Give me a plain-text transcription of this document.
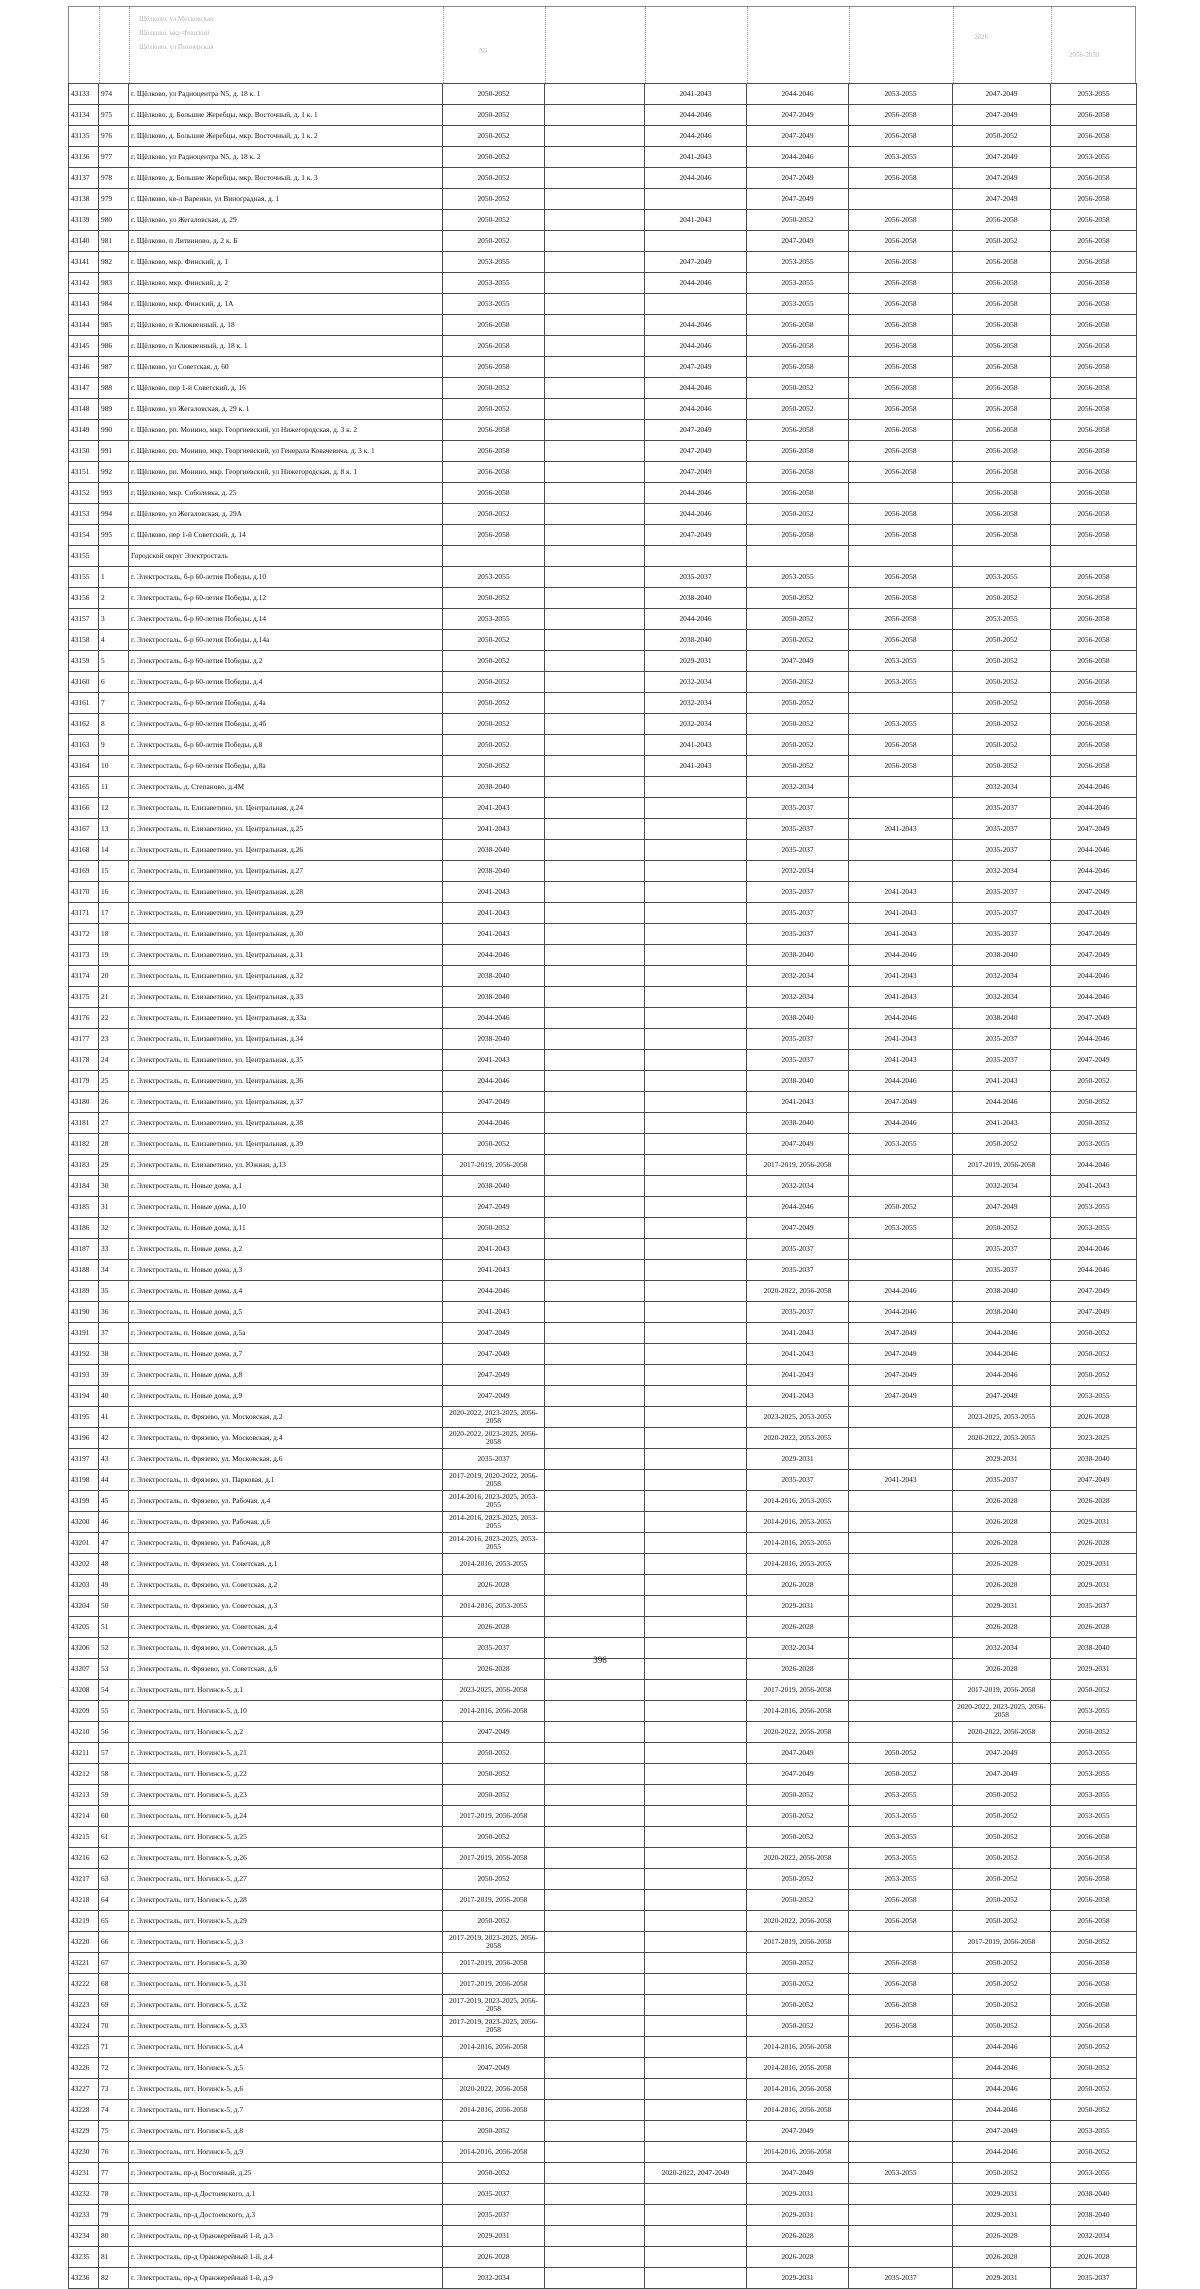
Щёлково, ул Московская
Щёлково, мкр Финский
Щёлково, ул Пионерская	N5
2026
2056-2058
43133	974	г. Щёлково, ул Радиоцентра N5, д. 18 к. 1	2050-2052		2041-2043	2044-2046	2053-2055	2047-2049	2053-2055
43134	975	г. Щёлково, д. Большие Жеребцы, мкр. Восточный, д. 1 к. 1	2050-2052		2044-2046	2047-2049	2056-2058	2047-2049	2056-2058
43135	976	г. Щёлково, д. Большие Жеребцы, мкр. Восточный, д. 1 к. 2	2050-2052		2044-2046	2047-2049	2056-2058	2050-2052	2056-2058
43136	977	г. Щёлково, ул Радиоцентра N5, д. 18 к. 2	2050-2052		2041-2043	2044-2046	2053-2055	2047-2049	2053-2055
43137	978	г. Щёлково, д. Большие Жеребцы, мкр. Восточный, д. 1 к. 3	2050-2052		2044-2046	2047-2049	2056-2058	2047-2049	2056-2058
43138	979	г. Щёлково, кв-л Варенки, ул Виноградная, д. 1	2050-2052			2047-2049		2047-2049	2056-2058
43139	980	г. Щёлково, ул Жегаловская, д. 29	2050-2052		2041-2043	2050-2052	2056-2058	2056-2058	2056-2058
43140	981	г. Щёлково, п Литвиново, д. 2 к. Б	2050-2052			2047-2049	2056-2058	2050-2052	2056-2058
43141	982	г. Щёлково, мкр. Финский, д. 1	2053-2055		2047-2049	2053-2055	2056-2058	2056-2058	2056-2058
43142	983	г. Щёлково, мкр. Финский, д. 2	2053-2055		2044-2046	2053-2055	2056-2058	2056-2058	2056-2058
43143	984	г. Щёлково, мкр. Финский, д. 1А	2053-2055			2053-2055	2056-2058	2056-2058	2056-2058
43144	985	г. Щёлково, п Клюквенный, д. 18	2056-2058		2044-2046	2056-2058	2056-2058	2056-2058	2056-2058
43145	986	г. Щёлково, п Клюквенный, д. 18 к. 1	2056-2058		2044-2046	2056-2058	2056-2058	2056-2058	2056-2058
43146	987	г. Щёлково, ул Советская, д. 60	2056-2058		2047-2049	2056-2058	2056-2058	2056-2058	2056-2058
43147	988	г. Щёлково, пер 1-й Советский, д. 16	2050-2052		2044-2046	2050-2052	2056-2058	2056-2058	2056-2058
43148	989	г. Щёлково, ул Жегаловская, д. 29 к. 1	2050-2052		2044-2046	2050-2052	2056-2058	2056-2058	2056-2058
43149	990	г. Щёлково, рп. Монино, мкр. Георгиевский, ул Нижегородская, д. 3 к. 2	2056-2058		2047-2049	2056-2058	2056-2058	2056-2058	2056-2058
43150	991	г. Щёлково, рп. Монино, мкр. Георгиевский, ул Генерала Ковачевича, д. 3 к. 1	2056-2058		2047-2049	2056-2058	2056-2058	2056-2058	2056-2058
43151	992	г. Щёлково, рп. Монино, мкр. Георгиевский, ул Нижегородская, д. 8 к. 1	2056-2058		2047-2049	2056-2058	2056-2058	2056-2058	2056-2058
43152	993	г. Щёлково, мкр. Соболевка, д. 25	2056-2058		2044-2046	2056-2058		2056-2058	2056-2058
43153	994	г. Щёлково, ул Жегаловская, д. 29А	2050-2052		2044-2046	2050-2052	2056-2058	2056-2058	2056-2058
43154	995	г. Щёлково, пер 1-й Советский, д. 14	2056-2058		2047-2049	2056-2058	2056-2058	2056-2058	2056-2058
43155		Городской округ Электросталь							
43155	1	г. Электросталь, б-р 60-летия Победы, д.10	2053-2055		2035-2037	2053-2055	2056-2058	2053-2055	2056-2058
43156	2	г. Электросталь, б-р 60-летия Победы, д.12	2050-2052		2038-2040	2050-2052	2056-2058	2050-2052	2056-2058
43157	3	г. Электросталь, б-р 60-летия Победы, д.14	2053-2055		2044-2046	2050-2052	2056-2058	2053-2055	2056-2058
43158	4	г. Электросталь, б-р 60-летия Победы, д.14а	2050-2052		2038-2040	2050-2052	2056-2058	2050-2052	2056-2058
43159	5	г. Электросталь, б-р 60-летия Победы, д.2	2050-2052		2029-2031	2047-2049	2053-2055	2050-2052	2056-2058
43160	6	г. Электросталь, б-р 60-летия Победы, д.4	2050-2052		2032-2034	2050-2052	2053-2055	2050-2052	2056-2058
43161	7	г. Электросталь, б-р 60-летия Победы, д.4а	2050-2052		2032-2034	2050-2052		2050-2052	2056-2058
43162	8	г. Электросталь, б-р 60-летия Победы, д.4б	2050-2052		2032-2034	2050-2052	2053-2055	2050-2052	2056-2058
43163	9	г. Электросталь, б-р 60-летия Победы, д.8	2050-2052		2041-2043	2050-2052	2056-2058	2050-2052	2056-2058
43164	10	г. Электросталь, б-р 60-летия Победы, д.8а	2050-2052		2041-2043	2050-2052	2056-2058	2050-2052	2056-2058
43165	11	г. Электросталь, д. Степаново, д.4М	2038-2040			2032-2034		2032-2034	2044-2046
43166	12	г. Электросталь, п. Елизаветино, ул. Центральная, д.24	2041-2043			2035-2037		2035-2037	2044-2046
43167	13	г. Электросталь, п. Елизаветино, ул. Центральная, д.25	2041-2043			2035-2037	2041-2043	2035-2037	2047-2049
43168	14	г. Электросталь, п. Елизаветино, ул. Центральная, д.26	2038-2040			2035-2037		2035-2037	2044-2046
43169	15	г. Электросталь, п. Елизаветино, ул. Центральная, д.27	2038-2040			2032-2034		2032-2034	2044-2046
43170	16	г. Электросталь, п. Елизаветино, ул. Центральная, д.28	2041-2043			2035-2037	2041-2043	2035-2037	2047-2049
43171	17	г. Электросталь, п. Елизаветино, ул. Центральная, д.29	2041-2043			2035-2037	2041-2043	2035-2037	2047-2049
43172	18	г. Электросталь, п. Елизаветино, ул. Центральная, д.30	2041-2043			2035-2037	2041-2043	2035-2037	2047-2049
43173	19	г. Электросталь, п. Елизаветино, ул. Центральная, д.31	2044-2046			2038-2040	2044-2046	2038-2040	2047-2049
43174	20	г. Электросталь, п. Елизаветино, ул. Центральная, д.32	2038-2040			2032-2034	2041-2043	2032-2034	2044-2046
43175	21	г. Электросталь, п. Елизаветино, ул. Центральная, д.33	2038-2040			2032-2034	2041-2043	2032-2034	2044-2046
43176	22	г. Электросталь, п. Елизаветино, ул. Центральная, д.33а	2044-2046			2038-2040	2044-2046	2038-2040	2047-2049
43177	23	г. Электросталь, п. Елизаветино, ул. Центральная, д.34	2038-2040			2035-2037	2041-2043	2035-2037	2044-2046
43178	24	г. Электросталь, п. Елизаветино, ул. Центральная, д.35	2041-2043			2035-2037	2041-2043	2035-2037	2047-2049
43179	25	г. Электросталь, п. Елизаветино, ул. Центральная, д.36	2044-2046			2038-2040	2044-2046	2041-2043	2050-2052
43180	26	г. Электросталь, п. Елизаветино, ул. Центральная, д.37	2047-2049			2041-2043	2047-2049	2044-2046	2050-2052
43181	27	г. Электросталь, п. Елизаветино, ул. Центральная, д.38	2044-2046			2038-2040	2044-2046	2041-2043	2050-2052
43182	28	г. Электросталь, п. Елизаветино, ул. Центральная, д.39	2050-2052			2047-2049	2053-2055	2050-2052	2053-2055
43183	29	г. Электросталь, п. Елизаветино, ул. Южная, д.13	2017-2019, 2056-2058			2017-2019, 2056-2058		2017-2019, 2056-2058	2044-2046
43184	30	г. Электросталь, п. Новые дома, д.1	2038-2040			2032-2034		2032-2034	2041-2043
43185	31	г. Электросталь, п. Новые дома, д.10	2047-2049			2044-2046	2050-2052	2047-2049	2053-2055
43186	32	г. Электросталь, п. Новые дома, д.11	2050-2052			2047-2049	2053-2055	2050-2052	2053-2055
43187	33	г. Электросталь, п. Новые дома, д.2	2041-2043			2035-2037		2035-2037	2044-2046
43188	34	г. Электросталь, п. Новые дома, д.3	2041-2043			2035-2037		2035-2037	2044-2046
43189	35	г. Электросталь, п. Новые дома, д.4	2044-2046			2020-2022, 2056-2058	2044-2046	2038-2040	2047-2049
43190	36	г. Электросталь, п. Новые дома, д.5	2041-2043			2035-2037	2044-2046	2038-2040	2047-2049
43191	37	г. Электросталь, п. Новые дома, д.5а	2047-2049			2041-2043	2047-2049	2044-2046	2050-2052
43192	38	г. Электросталь, п. Новые дома, д.7	2047-2049			2041-2043	2047-2049	2044-2046	2050-2052
43193	39	г. Электросталь, п. Новые дома, д.8	2047-2049			2041-2043	2047-2049	2044-2046	2050-2052
43194	40	г. Электросталь, п. Новые дома, д.9	2047-2049			2041-2043	2047-2049	2047-2049	2053-2055
43195	41	г. Электросталь, п. Фрязево, ул. Московская, д.2	2020-2022, 2023-2025, 2056-2058			2023-2025, 2053-2055		2023-2025, 2053-2055	2026-2028
43196	42	г. Электросталь, п. Фрязево, ул. Московская, д.4	2020-2022, 2023-2025, 2056-2058			2020-2022, 2053-2055		2020-2022, 2053-2055	2023-2025
43197	43	г. Электросталь, п. Фрязево, ул. Московская, д.6	2035-2037			2029-2031		2029-2031	2038-2040
43198	44	г. Электросталь, п. Фрязево, ул. Парковая, д.1	2017-2019, 2020-2022, 2056-2058			2035-2037	2041-2043	2035-2037	2047-2049
43199	45	г. Электросталь, п. Фрязево, ул. Рабочая, д.4	2014-2016, 2023-2025, 2053-2055			2014-2016, 2053-2055		2026-2028	2026-2028
43200	46	г. Электросталь, п. Фрязево, ул. Рабочая, д.6	2014-2016, 2023-2025, 2053-2055			2014-2016, 2053-2055		2026-2028	2029-2031
43201	47	г. Электросталь, п. Фрязево, ул. Рабочая, д.8	2014-2016, 2023-2025, 2053-2055			2014-2016, 2053-2055		2026-2028	2026-2028
43202	48	г. Электросталь, п. Фрязево, ул. Советская, д.1	2014-2016, 2053-2055			2014-2016, 2053-2055		2026-2028	2029-2031
43203	49	г. Электросталь, п. Фрязево, ул. Советская, д.2	2026-2028			2026-2028		2026-2028	2029-2031
43204	50	г. Электросталь, п. Фрязево, ул. Советская, д.3	2014-2016, 2053-2055			2029-2031		2029-2031	2035-2037
43205	51	г. Электросталь, п. Фрязево, ул. Советская, д.4	2026-2028			2026-2028		2026-2028	2026-2028
43206	52	г. Электросталь, п. Фрязево, ул. Советская, д.5	2035-2037			2032-2034		2032-2034	2038-2040
43207	53	г. Электросталь, п. Фрязево, ул. Советская, д.6	2026-2028			2026-2028		2026-2028	2029-2031
43208	54	г. Электросталь, пгт. Ногинск-5, д.1	2023-2025, 2056-2058			2017-2019, 2056-2058		2017-2019, 2056-2058	2050-2052
43209	55	г. Электросталь, пгт. Ногинск-5, д.10	2014-2016, 2056-2058			2014-2016, 2056-2058		2020-2022, 2023-2025, 2056-2058	2053-2055
43210	56	г. Электросталь, пгт. Ногинск-5, д.2	2047-2049			2020-2022, 2056-2058		2020-2022, 2056-2058	2050-2052
43211	57	г. Электросталь, пгт. Ногинск-5, д.21	2050-2052			2047-2049	2050-2052	2047-2049	2053-2055
43212	58	г. Электросталь, пгт. Ногинск-5, д.22	2050-2052			2047-2049	2050-2052	2047-2049	2053-2055
43213	59	г. Электросталь, пгт. Ногинск-5, д.23	2050-2052			2050-2052	2053-2055	2050-2052	2053-2055
43214	60	г. Электросталь, пгт. Ногинск-5, д.24	2017-2019, 2056-2058			2050-2052	2053-2055	2050-2052	2053-2055
43215	61	г. Электросталь, пгт. Ногинск-5, д.25	2050-2052			2050-2052	2053-2055	2050-2052	2056-2058
43216	62	г. Электросталь, пгт. Ногинск-5, д.26	2017-2019, 2056-2058			2020-2022, 2056-2058	2053-2055	2050-2052	2056-2058
43217	63	г. Электросталь, пгт. Ногинск-5, д.27	2050-2052			2050-2052	2053-2055	2050-2052	2056-2058
43218	64	г. Электросталь, пгт. Ногинск-5, д.28	2017-2019, 2056-2058			2050-2052	2056-2058	2050-2052	2056-2058
43219	65	г. Электросталь, пгт. Ногинск-5, д.29	2050-2052			2020-2022, 2056-2058	2056-2058	2050-2052	2056-2058
43220	66	г. Электросталь, пгт. Ногинск-5, д.3	2017-2019, 2023-2025, 2056-2058			2017-2019, 2056-2058		2017-2019, 2056-2058	2050-2052
43221	67	г. Электросталь, пгт. Ногинск-5, д.30	2017-2019, 2056-2058			2050-2052	2056-2058	2050-2052	2056-2058
43222	68	г. Электросталь, пгт. Ногинск-5, д.31	2017-2019, 2056-2058			2050-2052	2056-2058	2050-2052	2056-2058
43223	69	г. Электросталь, пгт. Ногинск-5, д.32	2017-2019, 2023-2025, 2056-2058			2050-2052	2056-2058	2050-2052	2056-2058
43224	70	г. Электросталь, пгт. Ногинск-5, д.33	2017-2019, 2023-2025, 2056-2058			2050-2052	2056-2058	2050-2052	2056-2058
43225	71	г. Электросталь, пгт. Ногинск-5, д.4	2014-2016, 2056-2058			2014-2016, 2056-2058		2044-2046	2050-2052
43226	72	г. Электросталь, пгт. Ногинск-5, д.5	2047-2049			2014-2016, 2056-2058		2044-2046	2050-2052
43227	73	г. Электросталь, пгт. Ногинск-5, д.6	2020-2022, 2056-2058			2014-2016, 2056-2058		2044-2046	2050-2052
43228	74	г. Электросталь, пгт. Ногинск-5, д.7	2014-2016, 2056-2058			2014-2016, 2056-2058		2044-2046	2050-2052
43229	75	г. Электросталь, пгт. Ногинск-5, д.8	2050-2052			2047-2049		2047-2049	2053-2055
43230	76	г. Электросталь, пгт. Ногинск-5, д.9	2014-2016, 2056-2058			2014-2016, 2056-2058		2044-2046	2050-2052
43231	77	г. Электросталь, пр-д Восточный, д.25	2050-2052		2020-2022, 2047-2049	2047-2049	2053-2055	2050-2052	2053-2055
43232	78	г. Электросталь, пр-д Достоевского, д.1	2035-2037			2029-2031		2029-2031	2038-2040
43233	79	г. Электросталь, пр-д Достоевского, д.3	2035-2037			2029-2031		2029-2031	2038-2040
43234	80	г. Электросталь, пр-д Оранжерейный 1-й, д.3	2029-2031			2026-2028		2026-2028	2032-2034
43235	81	г. Электросталь, пр-д Оранжерейный 1-й, д.4	2026-2028			2026-2028		2026-2028	2026-2028
43236	82	г. Электросталь, пр-д Оранжерейный 1-й, д.9	2032-2034			2029-2031	2035-2037	2029-2031	2035-2037
396
...
